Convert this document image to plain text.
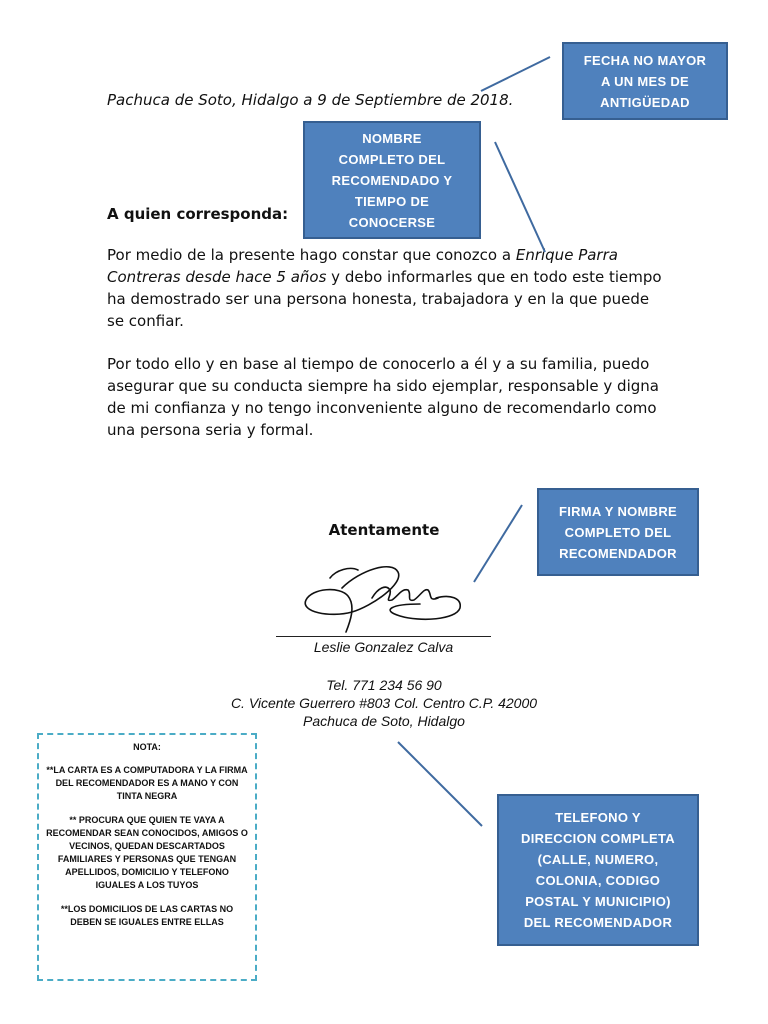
Pachuca de Soto, Hidalgo a 9 de Septiembre de 2018.
A quien corresponda:
Por medio de la presente hago constar que conozco a Enrique Parra Contreras desde hace 5 años y debo informarles que en todo este tiempo ha demostrado ser una persona honesta, trabajadora y en la que puede se confiar.
Por todo ello y en base al tiempo de conocerlo a él y a su familia, puedo asegurar que su conducta siempre ha sido ejemplar, responsable y digna de mi confianza y no tengo inconveniente alguno de recomendarlo como una persona seria y formal.
Atentamente
Leslie Gonzalez Calva
Tel. 771 234 56 90
C. Vicente Guerrero #803 Col. Centro C.P. 42000
Pachuca de Soto, Hidalgo
FECHA NO MAYOR
A UN MES DE
ANTIGÜEDAD
NOMBRE
COMPLETO DEL
RECOMENDADO Y
TIEMPO DE
CONOCERSE
FIRMA Y NOMBRE
COMPLETO DEL
RECOMENDADOR
TELEFONO Y
DIRECCION COMPLETA
(CALLE, NUMERO,
COLONIA, CODIGO
POSTAL Y MUNICIPIO)
DEL RECOMENDADOR

NOTA:

**LA CARTA ES A COMPUTADORA Y LA FIRMA DEL RECOMENDADOR ES A MANO Y CON TINTA NEGRA

** PROCURA QUE QUIEN TE VAYA A RECOMENDAR SEAN CONOCIDOS, AMIGOS O VECINOS, QUEDAN DESCARTADOS FAMILIARES Y PERSONAS QUE TENGAN APELLIDOS, DOMICILIO Y TELEFONO IGUALES A LOS TUYOS

**LOS DOMICILIOS DE LAS CARTAS NO DEBEN SE IGUALES ENTRE ELLAS
